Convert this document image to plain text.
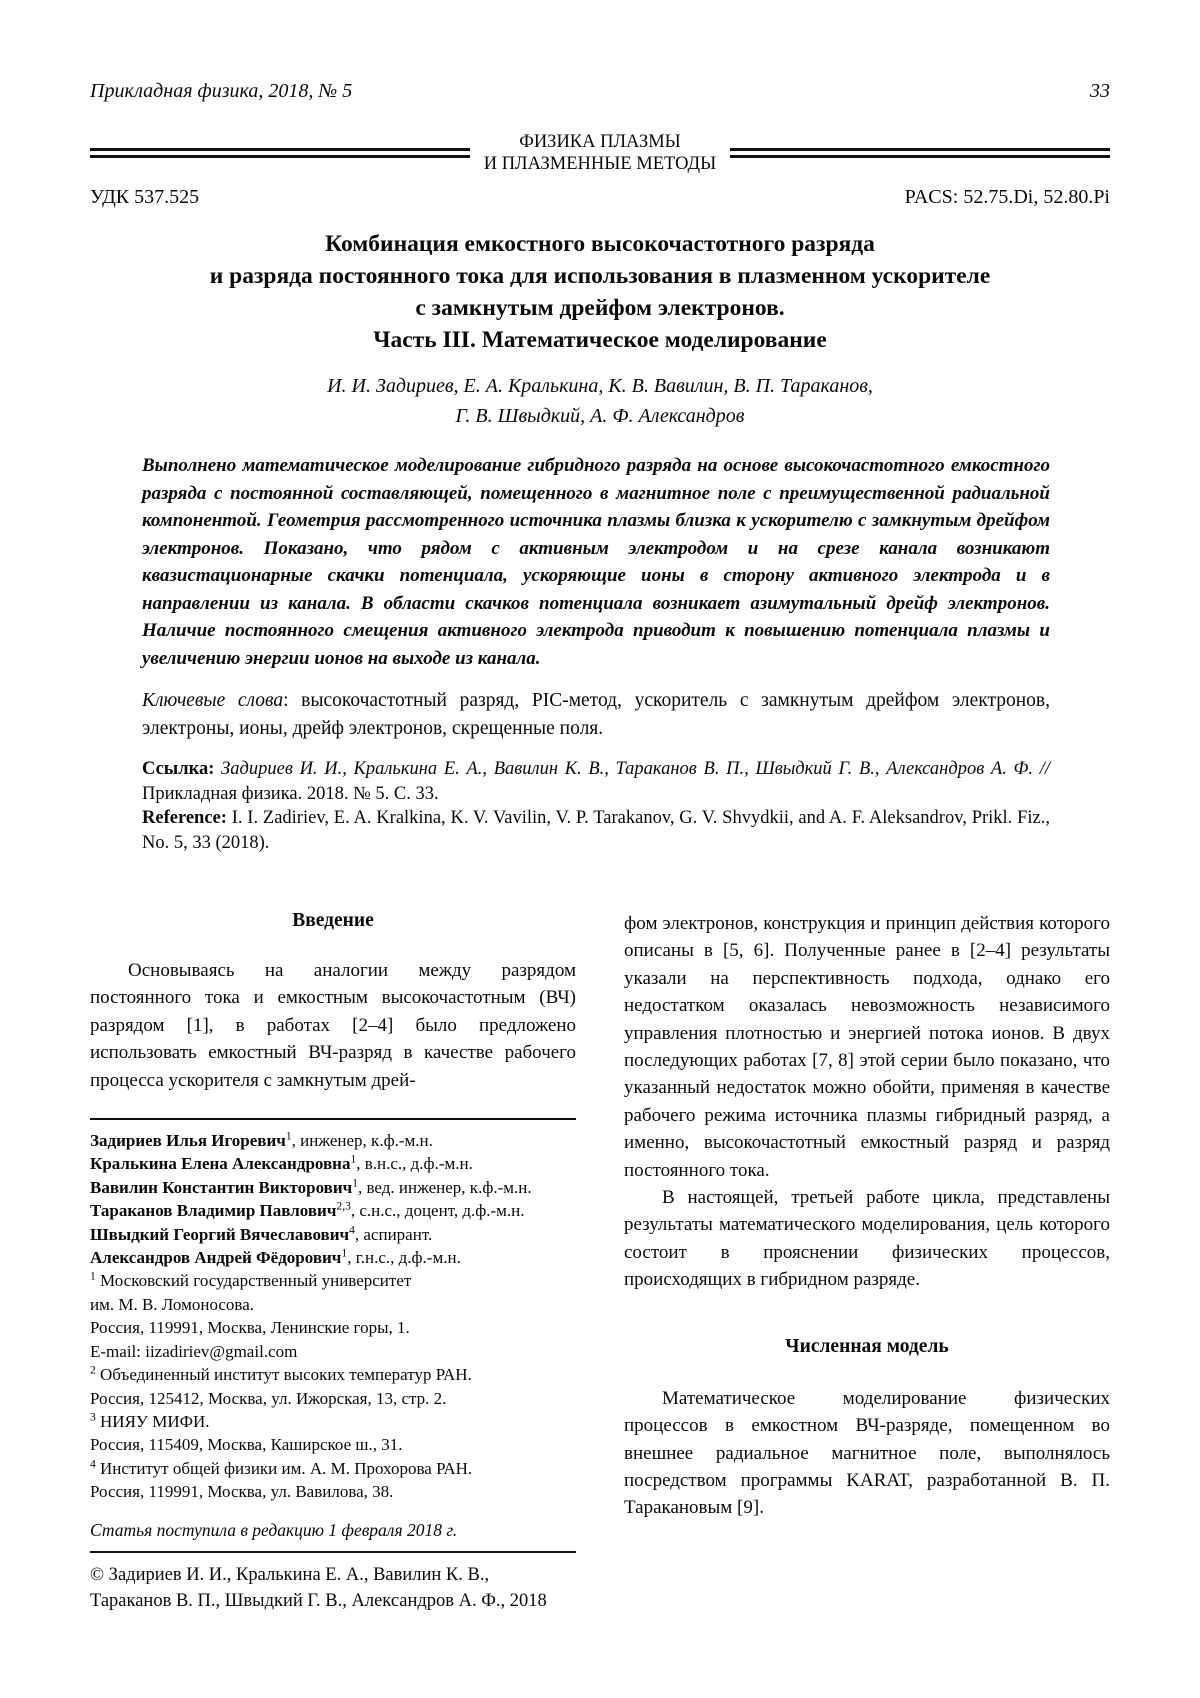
Прикладная физика, 2018, № 5	33
ФИЗИКА ПЛАЗМЫ
И ПЛАЗМЕННЫЕ МЕТОДЫ
УДК 537.525	PACS: 52.75.Di, 52.80.Pi
Комбинация емкостного высокочастотного разряда
и разряда постоянного тока для использования в плазменном ускорителе
с замкнутым дрейфом электронов.
Часть III. Математическое моделирование
И. И. Задириев, Е. А. Кралькина, К. В. Вавилин, В. П. Тараканов,
Г. В. Швыдкий, А. Ф. Александров
Выполнено математическое моделирование гибридного разряда на основе высокочастотного емкостного разряда с постоянной составляющей, помещенного в магнитное поле с преимущественной радиальной компонентой. Геометрия рассмотренного источника плазмы близка к ускорителю с замкнутым дрейфом электронов. Показано, что рядом с активным электродом и на срезе канала возникают квазистационарные скачки потенциала, ускоряющие ионы в сторону активного электрода и в направлении из канала. В области скачков потенциала возникает азимутальный дрейф электронов. Наличие постоянного смещения активного электрода приводит к повышению потенциала плазмы и увеличению энергии ионов на выходе из канала.
Ключевые слова: высокочастотный разряд, PIC-метод, ускоритель с замкнутым дрейфом электронов, электроны, ионы, дрейф электронов, скрещенные поля.

Ссылка: Задириев И. И., Кралькина Е. А., Вавилин К. В., Тараканов В. П., Швыдкий Г. В., Александров А. Ф. // Прикладная физика. 2018. № 5. С. 33.

Reference: I. I. Zadiriev, E. A. Kralkina, K. V. Vavilin, V. P. Tarakanov, G. V. Shvydkii, and A. F. Aleksandrov, Prikl. Fiz., No. 5, 33 (2018).

Введение

Основываясь на аналогии между разрядом постоянного тока и емкостным высокочастотным (ВЧ) разрядом [1], в работах [2–4] было предложено использовать емкостный ВЧ-разряд в качестве рабочего процесса ускорителя с замкнутым дрей-

Задириев Илья Игоревич$^1$, инженер, к.ф.-м.н.
Кралькина Елена Александровна$^1$, в.н.с., д.ф.-м.н.
Вавилин Константин Викторович$^1$, вед. инженер, к.ф.-м.н.
Тараканов Владимир Павлович$^{2,3}$, с.н.с., доцент, д.ф.-м.н.
Швыдкий Георгий Вячеславович$^4$, аспирант.
Александров Андрей Фёдорович$^1$, г.н.с., д.ф.-м.н.
$^1$ Московский государственный университет
им. М. В. Ломоносова.
Россия, 119991, Москва, Ленинские горы, 1.
E-mail: iizadiriev@gmail.com
$^2$ Объединенный институт высоких температур РАН.
Россия, 125412, Москва, ул. Ижорская, 13, стр. 2.
$^3$ НИЯУ МИФИ.
Россия, 115409, Москва, Каширское ш., 31.
$^4$ Институт общей физики им. А. М. Прохорова РАН.
Россия, 119991, Москва, ул. Вавилова, 38.
Статья поступила в редакцию 1 февраля 2018 г.
© Задириев И. И., Кралькина Е. А., Вавилин К. В.,
Тараканов В. П., Швыдкий Г. В., Александров А. Ф., 2018

фом электронов, конструкция и принцип действия которого описаны в [5, 6]. Полученные ранее в [2–4] результаты указали на перспективность подхода, однако его недостатком оказалась невозможность независимого управления плотностью и энергией потока ионов. В двух последующих работах [7, 8] этой серии было показано, что указанный недостаток можно обойти, применяя в качестве рабочего режима источника плазмы гибридный разряд, а именно, высокочастотный емкостный разряд и разряд постоянного тока.

В настоящей, третьей работе цикла, представлены результаты математического моделирования, цель которого состоит в прояснении физических процессов, происходящих в гибридном разряде.

Численная модель

Математическое моделирование физических процессов в емкостном ВЧ-разряде, помещенном во внешнее радиальное магнитное поле, выполнялось посредством программы KARAT, разработанной В. П. Таракановым [9].
